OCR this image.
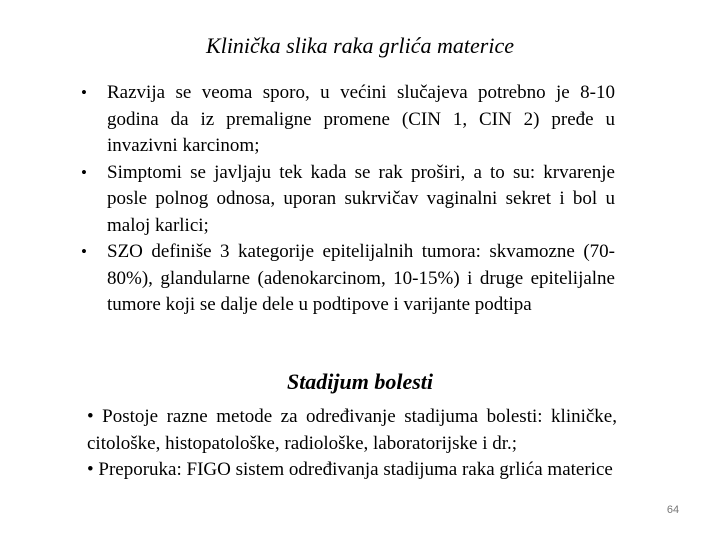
Klinička slika raka grlića materice
• Razvija se veoma sporo, u većini slučajeva potrebno je 8-10 godina da iz premaligne promene (CIN 1, CIN 2) pređe u invazivni karcinom;
• Simptomi se javljaju tek kada se rak proširi, a to su: krvarenje posle polnog odnosa, uporan sukrvičav vaginalni sekret i bol u maloj karlici;
• SZO definiše 3 kategorije epitelijalnih tumora: skvamozne (70-80%), glandularne (adenokarcinom, 10-15%) i druge epitelijalne tumore koji se dalje dele u podtipove i varijante podtipa
Stadijum bolesti

• Postoje razne metode za određivanje stadijuma bolesti: kliničke, citološke, histopatološke, radiološke, laboratorijske i dr.;

• Preporuka: FIGO sistem određivanja stadijuma raka grlića materice

64
